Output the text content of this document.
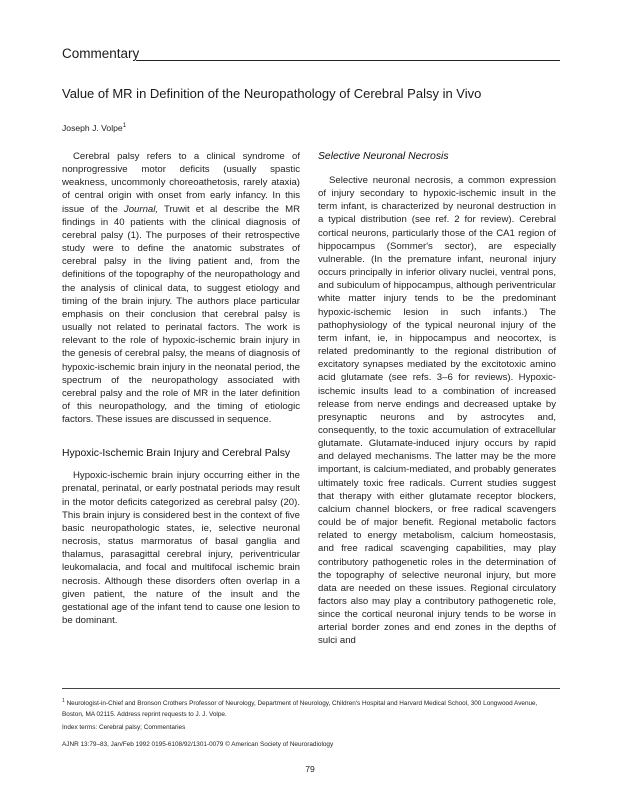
Commentary
Value of MR in Definition of the Neuropathology of Cerebral Palsy in Vivo
Joseph J. Volpe$^1$

Cerebral palsy refers to a clinical syndrome of nonprogressive motor deficits (usually spastic weakness, uncommonly choreoathetosis, rarely ataxia) of central origin with onset from early infancy. In this issue of the Journal, Truwit et al describe the MR findings in 40 patients with the clinical diagnosis of cerebral palsy (1). The purposes of their retrospective study were to define the anatomic substrates of cerebral palsy in the living patient and, from the definitions of the topography of the neuropathology and the analysis of clinical data, to suggest etiology and timing of the brain injury. The authors place particular emphasis on their conclusion that cerebral palsy is usually not related to perinatal factors. The work is relevant to the role of hypoxic-ischemic brain injury in the genesis of cerebral palsy, the means of diagnosis of hypoxic-ischemic brain injury in the neonatal period, the spectrum of the neuropathology associated with cerebral palsy and the role of MR in the later definition of this neuropathology, and the timing of etiologic factors. These issues are discussed in sequence.

Hypoxic-Ischemic Brain Injury and Cerebral Palsy

Hypoxic-ischemic brain injury occurring either in the prenatal, perinatal, or early postnatal periods may result in the motor deficits categorized as cerebral palsy (20). This brain injury is considered best in the context of five basic neuropathologic states, ie, selective neuronal necrosis, status marmoratus of basal ganglia and thalamus, parasagittal cerebral injury, periventricular leukomalacia, and focal and multifocal ischemic brain necrosis. Although these disorders often overlap in a given patient, the nature of the insult and the gestational age of the infant tend to cause one lesion to be dominant.

Selective Neuronal Necrosis

Selective neuronal necrosis, a common expression of injury secondary to hypoxic-ischemic insult in the term infant, is characterized by neuronal destruction in a typical distribution (see ref. 2 for review). Cerebral cortical neurons, particularly those of the CA1 region of hippocampus (Sommer's sector), are especially vulnerable. (In the premature infant, neuronal injury occurs principally in inferior olivary nuclei, ventral pons, and subiculum of hippocampus, although periventricular white matter injury tends to be the predominant hypoxic-ischemic lesion in such infants.) The pathophysiology of the typical neuronal injury of the term infant, ie, in hippocampus and neocortex, is related predominantly to the regional distribution of excitatory synapses mediated by the excitotoxic amino acid glutamate (see refs. 3–6 for reviews). Hypoxic-ischemic insults lead to a combination of increased release from nerve endings and decreased uptake by presynaptic neurons and by astrocytes and, consequently, to the toxic accumulation of extracellular glutamate. Glutamate-induced injury occurs by rapid and delayed mechanisms. The latter may be the more important, is calcium-mediated, and probably generates ultimately toxic free radicals. Current studies suggest that therapy with either glutamate receptor blockers, calcium channel blockers, or free radical scavengers could be of major benefit. Regional metabolic factors related to energy metabolism, calcium homeostasis, and free radical scavenging capabilities, may play contributory pathogenetic roles in the determination of the topography of selective neuronal injury, but more data are needed on these issues. Regional circulatory factors also may play a contributory pathogenetic role, since the cortical neuronal injury tends to be worse in arterial border zones and end zones in the depths of sulci and

$^1$ Neurologist-in-Chief and Bronson Crothers Professor of Neurology, Department of Neurology, Children's Hospital and Harvard Medical School, 300 Longwood Avenue, Boston, MA 02115. Address reprint requests to J. J. Volpe.
Index terms: Cerebral palsy; Commentaries
AJNR 13:79–83, Jan/Feb 1992 0195-6108/92/1301-0079 © American Society of Neuroradiology
79
